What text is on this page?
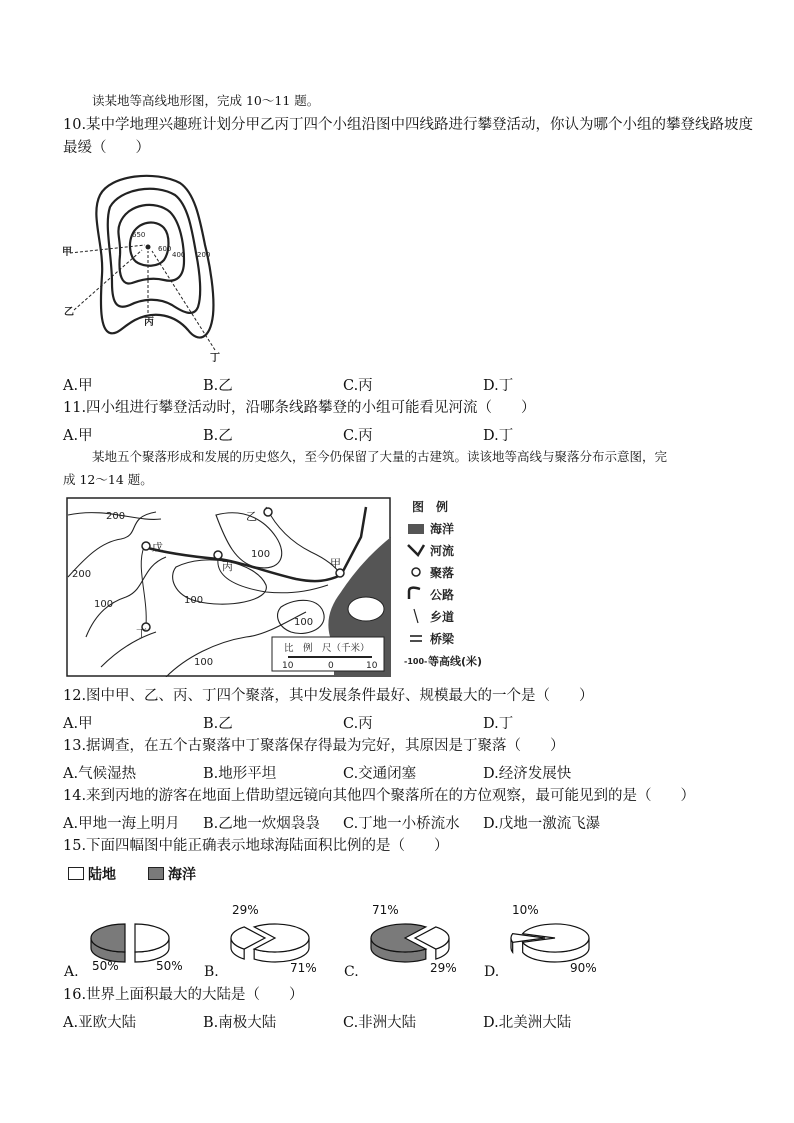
读某地等高线地形图，完成 10～11 题。
10.某中学地理兴趣班计划分甲乙丙丁四个小组沿图中四线路进行攀登活动，你认为哪个小组的攀登线路坡度
最缓（　　）
650
600
400 200
甲
乙
丙
丁
A.甲	B.乙	C.丙	D.丁
11.四小组进行攀登活动时，沿哪条线路攀登的小组可能看见河流（　　）
A.甲	B.乙	C.丙	D.丁
某地五个聚落形成和发展的历史悠久，至今仍保留了大量的古建筑。读该地等高线与聚落分布示意图，完
成 12～14 题。
200
200
100
100	100
100
100
甲
乙
丙
丁
戊
比　例　尺（千米）
10	0	10
图　例
海洋
河流
聚落
公路
乡道
桥梁
-100- 等高线(米)
12.图中甲、乙、丙、丁四个聚落，其中发展条件最好、规模最大的一个是（　　）
A.甲	B.乙	C.丙	D.丁
13.据调查，在五个古聚落中丁聚落保存得最为完好，其原因是丁聚落（　　）
A.气候湿热	B.地形平坦	C.交通闭塞	D.经济发展快
14.来到丙地的游客在地面上借助望远镜向其他四个聚落所在的方位观察，最可能见到的是（　　）
A.甲地一海上明月 B.乙地一炊烟袅袅 C.丁地一小桥流水 D.戊地一激流飞瀑
15.下面四幅图中能正确表示地球海陆面积比例的是（　　）
陆地	海洋
A.	B.	C.	D.
50%	50%
29%
71%
71%
29%
10%
90%
16.世界上面积最大的大陆是（　　）
A.亚欧大陆	B.南极大陆	C.非洲大陆	D.北美洲大陆
